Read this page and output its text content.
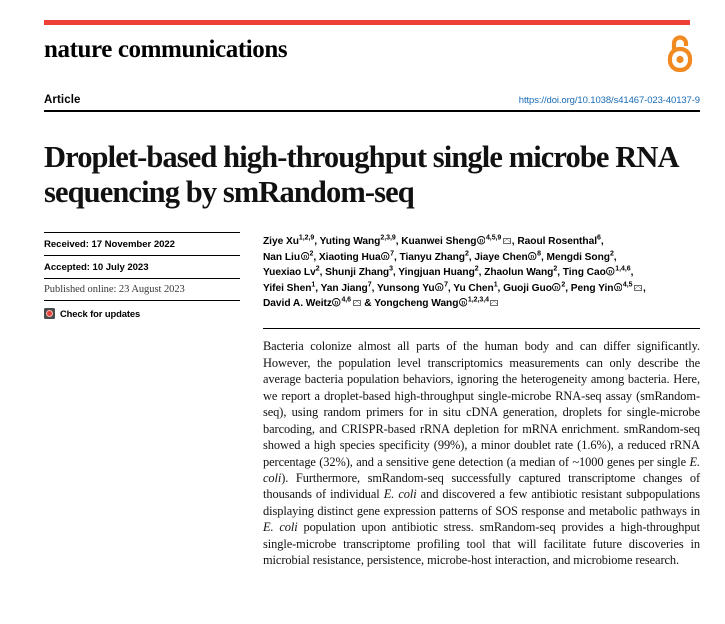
nature communications
Article	https://doi.org/10.1038/s41467-023-40137-9
Droplet-based high-throughput single microbe RNA sequencing by smRandom-seq
Received: 17 November 2022
Accepted: 10 July 2023
Published online: 23 August 2023
Check for updates
Ziye Xu$^{1,2,9}$, Yuting Wang$^{2,3,9}$, Kuanwei Sheng D $^{4,5,9}$ , Raoul Rosenthal$^6$,
Nan Liu D $^2$, Xiaoting Hua D $^7$, Tianyu Zhang$^2$, Jiaye Chen D $^8$, Mengdi Song$^2$,
Yuexiao Lv$^2$, Shunji Zhang$^3$, Yingjuan Huang$^2$, Zhaolun Wang$^2$, Ting Cao D $^{1,4,6}$,
Yifei Shen$^1$, Yan Jiang$^7$, Yunsong Yu D $^7$, Yu Chen$^1$, Guoji Guo D $^2$, Peng Yin D $^{4,5}$ ,
David A. Weitz D $^{4,6}$ & Yongcheng Wang D $^{1,2,3,4}$
Bacteria colonize almost all parts of the human body and can differ significantly. However, the population level transcriptomics measurements can only describe the average bacteria population behaviors, ignoring the heterogeneity among bacteria. Here, we report a droplet-based high-throughput single-microbe RNA-seq assay (smRandom-seq), using random primers for in situ cDNA generation, droplets for single-microbe barcoding, and CRISPR-based rRNA depletion for mRNA enrichment. smRandom-seq showed a high species specificity (99%), a minor doublet rate (1.6%), a reduced rRNA percentage (32%), and a sensitive gene detection (a median of ~1000 genes per single E. coli). Furthermore, smRandom-seq successfully captured transcriptome changes of thousands of individual E. coli and discovered a few antibiotic resistant subpopulations displaying distinct gene expression patterns of SOS response and metabolic pathways in E. coli population upon antibiotic stress. smRandom-seq provides a high-throughput single-microbe transcriptome profiling tool that will facilitate future discoveries in microbial resistance, persistence, microbe-host interaction, and microbiome research.
